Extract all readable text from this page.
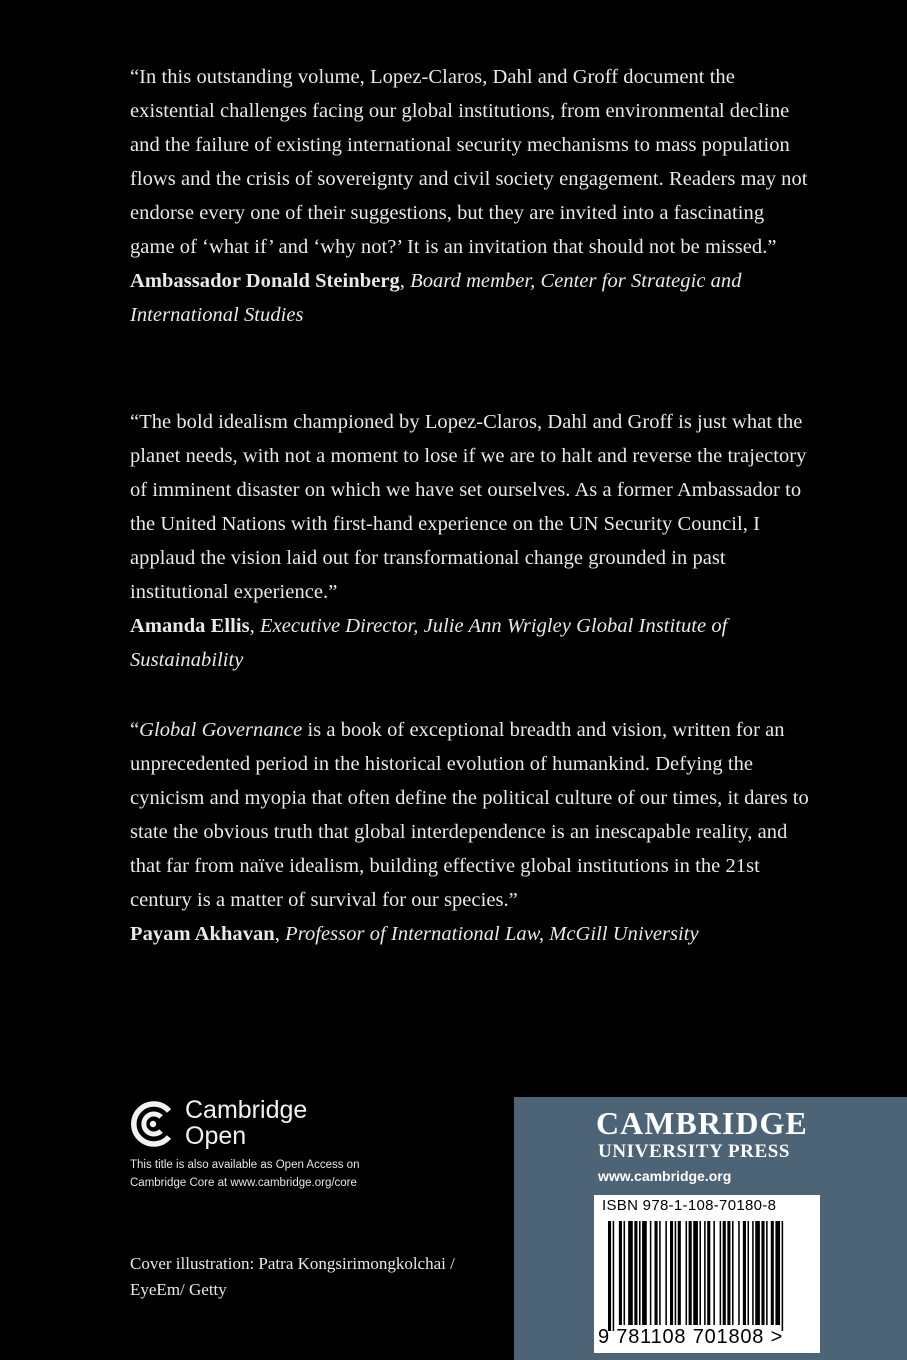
“In this outstanding volume, Lopez-Claros, Dahl and Groff document the existential challenges facing our global institutions, from environmental decline and the failure of existing international security mechanisms to mass population flows and the crisis of sovereignty and civil society engagement. Readers may not endorse every one of their suggestions, but they are invited into a fascinating game of ‘what if’ and ‘why not?’ It is an invitation that should not be missed.”

Ambassador Donald Steinberg, Board member, Center for Strategic and International Studies

“The bold idealism championed by Lopez-Claros, Dahl and Groff is just what the planet needs, with not a moment to lose if we are to halt and reverse the trajectory of imminent disaster on which we have set ourselves. As a former Ambassador to the United Nations with first-hand experience on the UN Security Council, I applaud the vision laid out for transformational change grounded in past institutional experience.”

Amanda Ellis, Executive Director, Julie Ann Wrigley Global Institute of Sustainability

“Global Governance is a book of exceptional breadth and vision, written for an unprecedented period in the historical evolution of humankind. Defying the cynicism and myopia that often define the political culture of our times, it dares to state the obvious truth that global interdependence is an inescapable reality, and that far from naïve idealism, building effective global institutions in the 21st century is a matter of survival for our species.”

Payam Akhavan, Professor of International Law, McGill University

Cambridge
Open
This title is also available as Open Access on
Cambridge Core at www.cambridge.org/core
Cover illustration: Patra Kongsirimongkolchai /
EyeEm/ Getty
CAMBRIDGE
UNIVERSITY PRESS
www.cambridge.org
ISBN 978-1-108-70180-8
9 781108 701808 >
